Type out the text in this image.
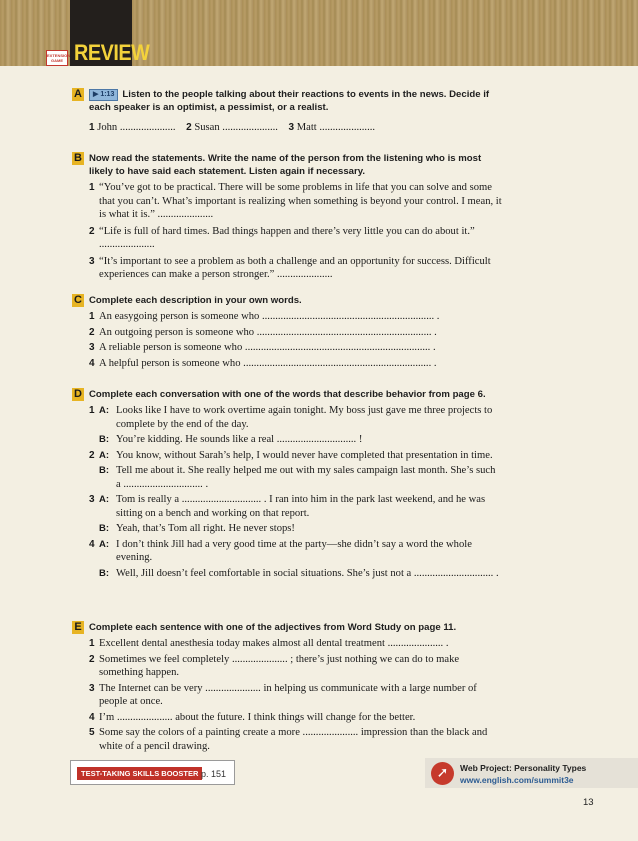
EXTENSION GAME REVIEW
A	▶ 1:13 Listen to the people talking about their reactions to events in the news. Decide if each speaker is an optimist, a pessimist, or a realist.
1 John ..................... 2 Susan ..................... 3 Matt .....................
B Now read the statements. Write the name of the person from the listening who is most likely to have said each statement. Listen again if necessary.
1 “You’ve got to be practical. There will be some problems in life that you can solve and some that you can’t. What’s important is realizing when something is beyond your control. I mean, it is what it is.” .....................
2 “Life is full of hard times. Bad things happen and there’s very little you can do about it.” .....................
3 “It’s important to see a problem as both a challenge and an opportunity for success. Difficult experiences can make a person stronger.” .....................
C Complete each description in your own words.
1 An easygoing person is someone who ................................................................. .
2 An outgoing person is someone who .................................................................. .
3 A reliable person is someone who ...................................................................... .
4 A helpful person is someone who ....................................................................... .
D Complete each conversation with one of the words that describe behavior from page 6.
1 A: Looks like I have to work overtime again tonight. My boss just gave me three projects to complete by the end of the day.
B: You’re kidding. He sounds like a real .............................. !
2 A: You know, without Sarah’s help, I would never have completed that presentation in time.
B: Tell me about it. She really helped me out with my sales campaign last month. She’s such a .............................. .
3 A: Tom is really a .............................. . I ran into him in the park last weekend, and he was sitting on a bench and working on that report.
B: Yeah, that’s Tom all right. He never stops!
4 A: I don’t think Jill had a very good time at the party—she didn’t say a word the whole evening.
B: Well, Jill doesn’t feel comfortable in social situations. She’s just not a .............................. .
E Complete each sentence with one of the adjectives from Word Study on page 11.
1 Excellent dental anesthesia today makes almost all dental treatment ..................... .
2 Sometimes we feel completely ..................... ; there’s just nothing we can do to make something happen.
3 The Internet can be very ..................... in helping us communicate with a large number of people at once.
4 I’m ..................... about the future. I think things will change for the better.
5 Some say the colors of a painting create a more ..................... impression than the black and white of a pencil drawing.
TEST-TAKING SKILLS BOOSTER p. 151	➚	Web Project: Personality Types
www.english.com/summit3e
13
